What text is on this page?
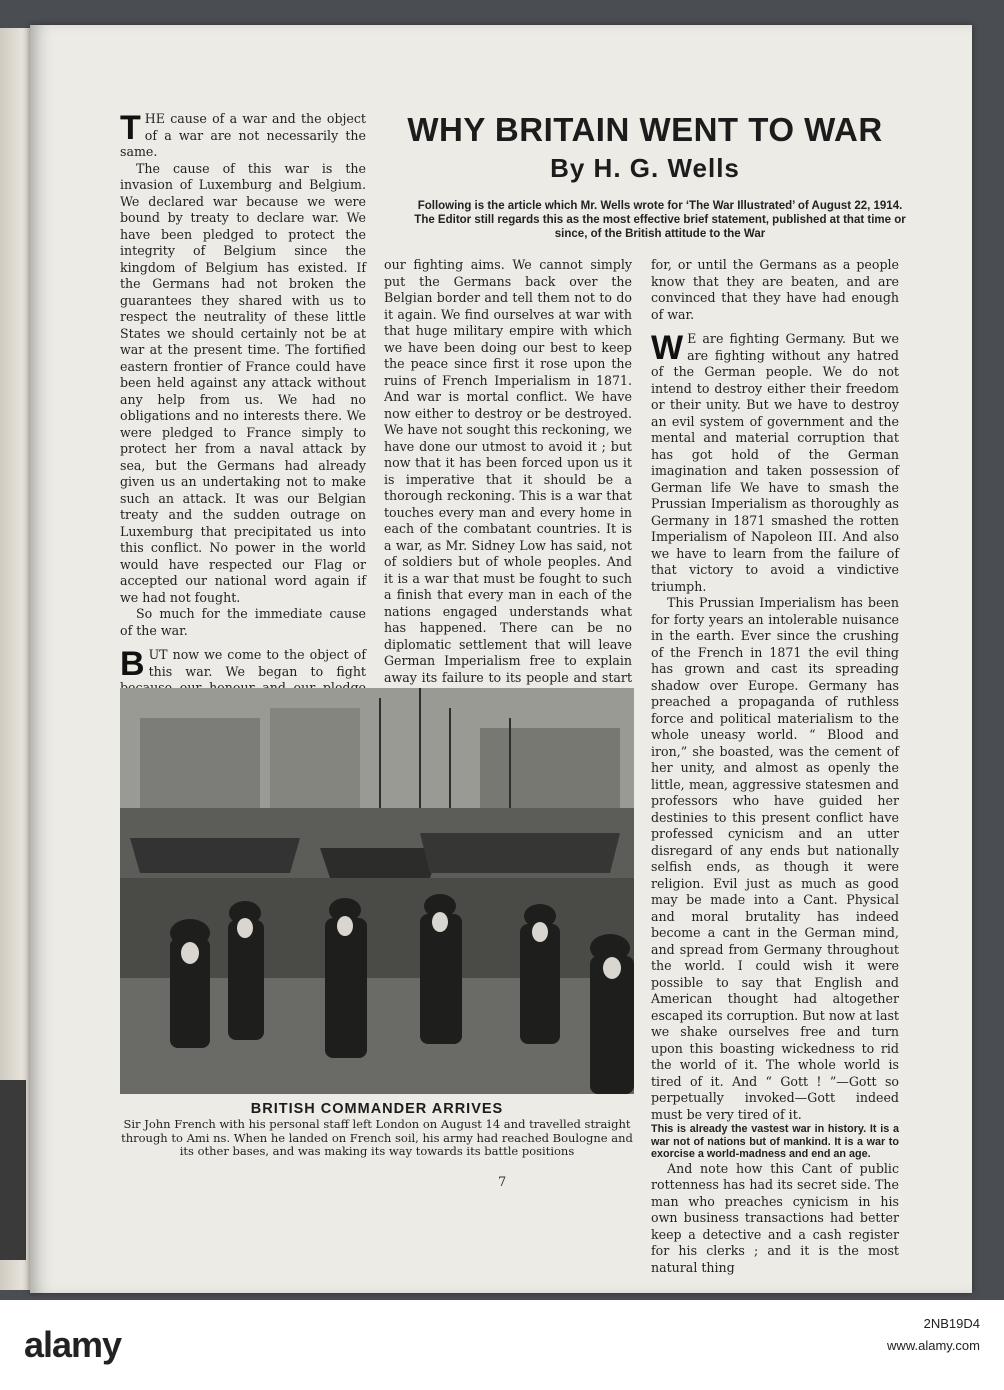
THE cause of a war and the object of a war are not necessarily the same.

The cause of this war is the invasion of Luxemburg and Belgium. We declared war because we were bound by treaty to declare war. We have been pledged to protect the integrity of Belgium since the kingdom of Belgium has existed. If the Germans had not broken the guarantees they shared with us to respect the neutrality of these little States we should certainly not be at war at the present time. The fortified eastern frontier of France could have been held against any attack without any help from us. We had no obligations and no interests there. We were pledged to France simply to protect her from a naval attack by sea, but the Germans had already given us an undertaking not to make such an attack. It was our Belgian treaty and the sudden outrage on Luxemburg that precipitated us into this conflict. No power in the world would have respected our Flag or accepted our national word again if we had not fought.

So much for the immediate cause of the war.

BUT now we come to the object of this war. We began to fight

WHY BRITAIN WENT TO WAR
By H. G. Wells
Following is the article which Mr. Wells wrote for ‘The War Illustrated’ of August 22, 1914. The Editor still regards this as the most effective brief statement, published at that time or since, of the British attitude to the War

our fighting aims. We cannot simply put the Germans back over the Belgian border and tell them not to do it again. We find ourselves at war with that huge military empire with which we have been doing our best to keep the peace since first it rose upon the ruins of French Imperialism in 1871. And war is mortal conflict. We have now either to destroy or be destroyed. We have not sought this reckoning, we have done our utmost to avoid it ; but now that it has been forced upon us it is imperative that it should be a thorough reckoning. This is a war that touches every man and every home in each of the combatant countries. It is a war, as Mr. Sidney Low has said, not of soldiers but of whole peoples. And it is a war that must be fought to such a finish that every man in each of the nations engaged understands what has happened. There can be no diplomatic settlement that will leave German Imperialism free to explain away its failure to its people and start

for, or until the Germans as a people know that they are beaten, and are convinced that they have had enough of war.

W E are fighting Germany. But we are fighting without any hatred of the German people. We do not intend to destroy either their freedom or their unity. But we have to destroy an evil system of government and the mental and material corruption that has got hold of the German imagination and taken possession of German life We have to smash the Prussian Imperialism as thoroughly as Germany in 1871 smashed the rotten Imperialism of Napoleon III. And also we have to learn from the failure of that victory to avoid a vindictive triumph.

This Prussian Imperialism has been for forty years an intolerable nuisance in the earth. Ever since the crushing of the French in 1871 the evil thing has grown and cast its spreading shadow over Europe. Germany has preached a propaganda of ruthless force and political materialism to the whole uneasy world. “ Blood and iron,” she boasted, was the cement of her unity, and almost as openly the little, mean, aggressive statesmen and professors who have guided her destinies to this present conflict have professed cynicism and an utter disregard of any ends but nationally selfish ends, as though it were religion. Evil just as much as good may be made into a Cant. Physical and moral brutality has indeed become a cant in the German mind, and spread from Germany throughout the world. I could wish it were possible to say that English and American thought had altogether escaped its corruption. But now at last we shake ourselves free and turn upon this boasting wickedness to rid the world of it. The whole world is tired of it. And “ Gott ! ”—Gott so perpetually invoked—Gott indeed must be very tired of it.

This is already the vastest war in history. It is a war not of nations but of mankind. It is a war to exorcise a world-madness and end an age.

And note how this Cant of public rottenness has had its secret side. The man who preaches cynicism in his own business transactions had better keep a detective and a cash register for his clerks ; and it is the most natural thing

BRITISH COMMANDER ARRIVES
Sir John French with his personal staff left London on August 14 and travelled straight through to Ami ns. When he landed on French soil, his army had reached Boulogne and its other bases, and was making its way towards its battle positions
7
alamy
2NB19D4
www.alamy.com
